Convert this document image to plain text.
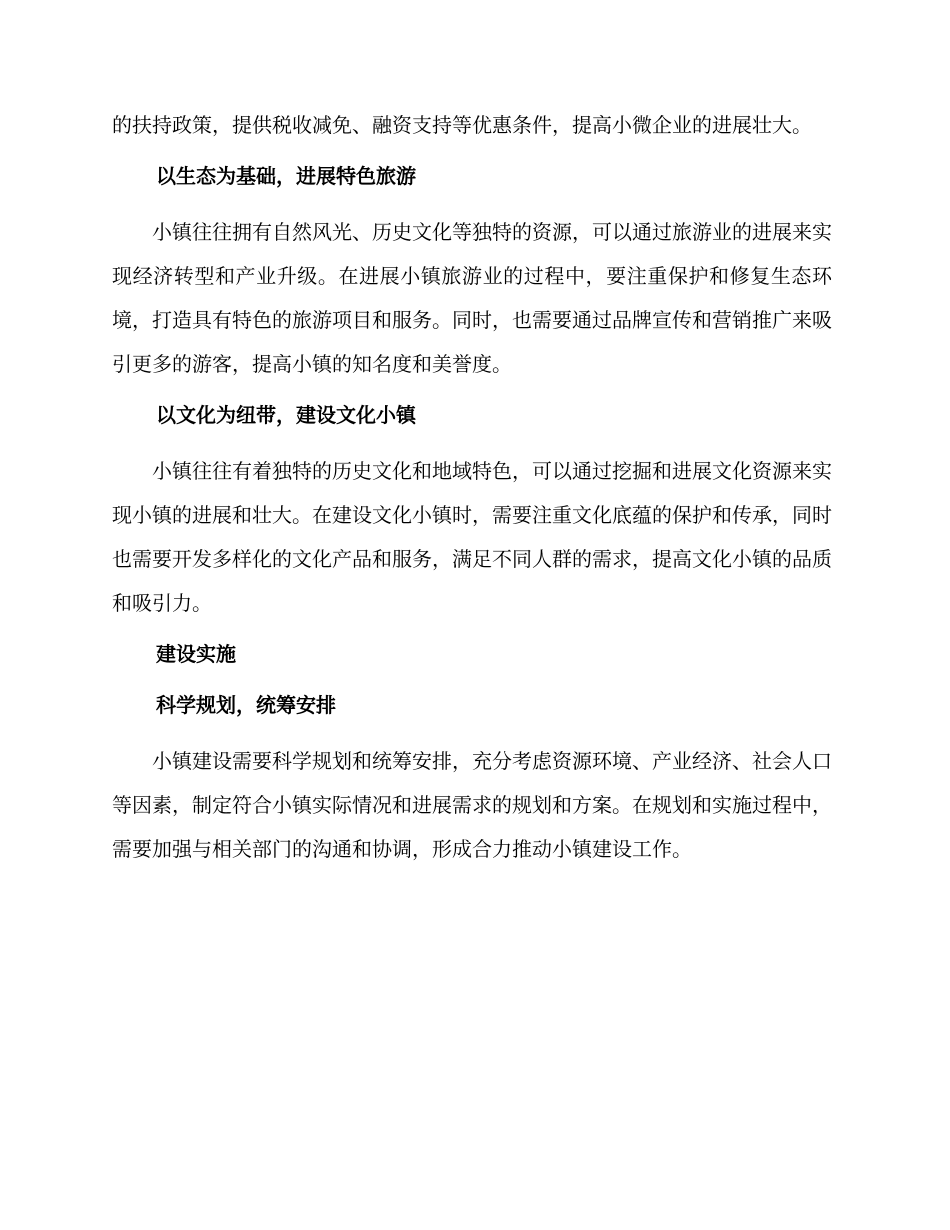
的扶持政策，提供税收减免、融资支持等优惠条件，提高小微企业的进展壮大。

以生态为基础，进展特色旅游

小镇往往拥有自然风光、历史文化等独特的资源，可以通过旅游业的进展来实现经济转型和产业升级。在进展小镇旅游业的过程中，要注重保护和修复生态环境，打造具有特色的旅游项目和服务。同时，也需要通过品牌宣传和营销推广来吸引更多的游客，提高小镇的知名度和美誉度。

以文化为纽带，建设文化小镇

小镇往往有着独特的历史文化和地域特色，可以通过挖掘和进展文化资源来实现小镇的进展和壮大。在建设文化小镇时，需要注重文化底蕴的保护和传承，同时也需要开发多样化的文化产品和服务，满足不同人群的需求，提高文化小镇的品质和吸引力。

建设实施
科学规划，统筹安排

小镇建设需要科学规划和统筹安排，充分考虑资源环境、产业经济、社会人口等因素，制定符合小镇实际情况和进展需求的规划和方案。在规划和实施过程中，需要加强与相关部门的沟通和协调，形成合力推动小镇建设工作。
